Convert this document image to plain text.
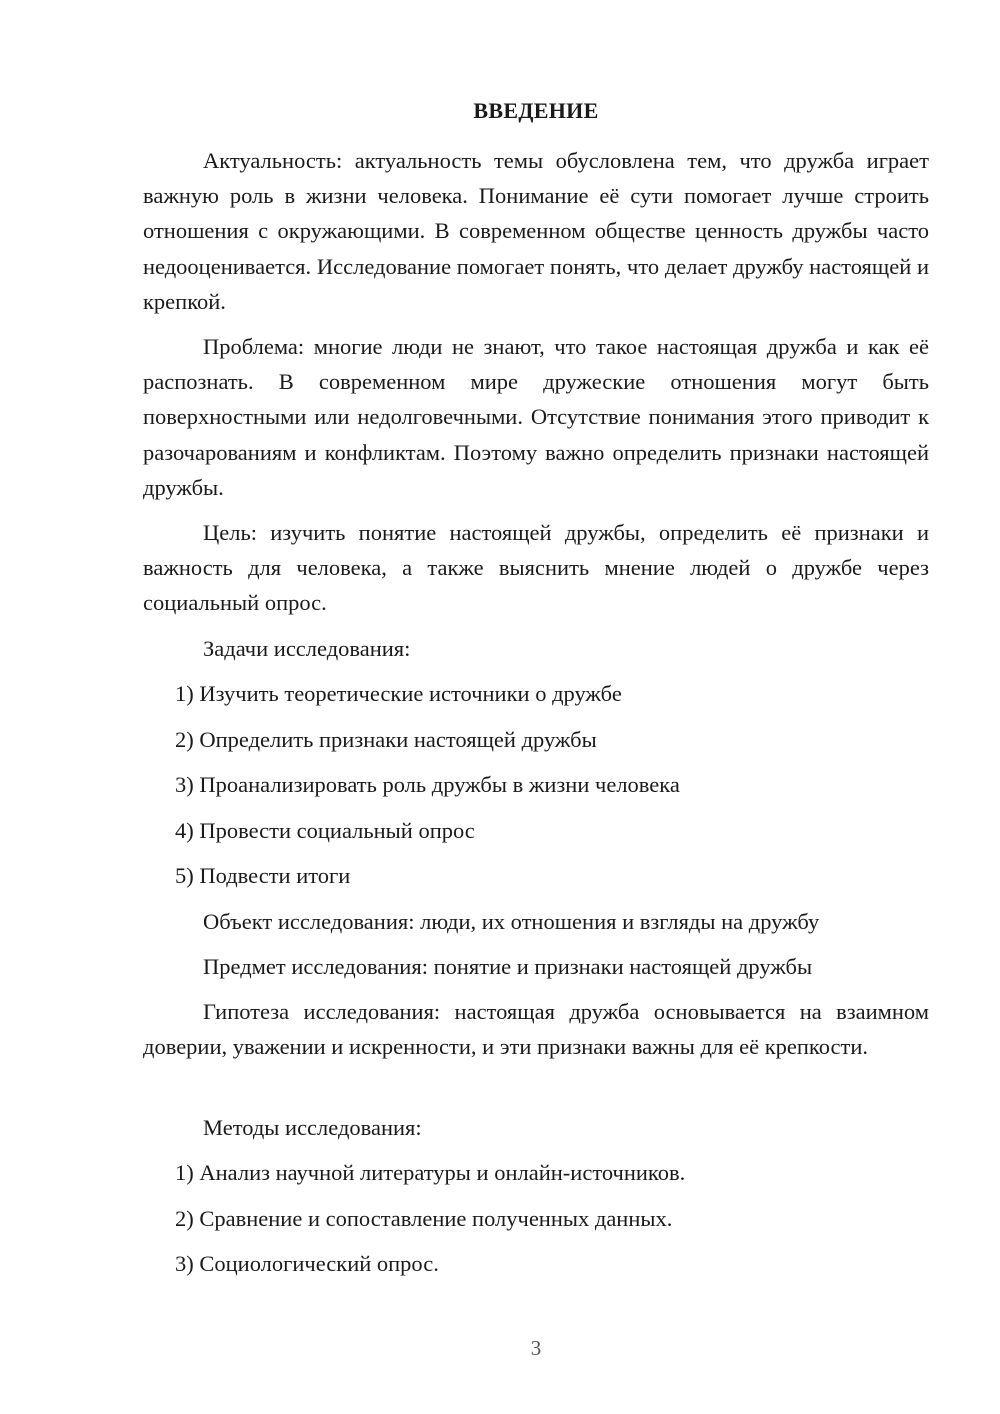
ВВЕДЕНИЕ

Актуальность: актуальность темы обусловлена тем, что дружба играет важную роль в жизни человека. Понимание её сути помогает лучше строить отношения с окружающими. В современном обществе ценность дружбы часто недооценивается. Исследование помогает понять, что делает дружбу настоящей и крепкой.

Проблема: многие люди не знают, что такое настоящая дружба и как её распознать. В современном мире дружеские отношения могут быть поверхностными или недолговечными. Отсутствие понимания этого приводит к разочарованиям и конфликтам. Поэтому важно определить признаки настоящей дружбы.

Цель: изучить понятие настоящей дружбы, определить её признаки и важность для человека, а также выяснить мнение людей о дружбе через социальный опрос.

Задачи исследования:
1) Изучить теоретические источники о дружбе
2) Определить признаки настоящей дружбы
3) Проанализировать роль дружбы в жизни человека
4) Провести социальный опрос
5) Подвести итоги
Объект исследования: люди, их отношения и взгляды на дружбу
Предмет исследования: понятие и признаки настоящей дружбы

Гипотеза исследования: настоящая дружба основывается на взаимном доверии, уважении и искренности, и эти признаки важны для её крепкости.

Методы исследования:
1) Анализ научной литературы и онлайн-источников.
2) Сравнение и сопоставление полученных данных.
3) Социологический опрос.
3
